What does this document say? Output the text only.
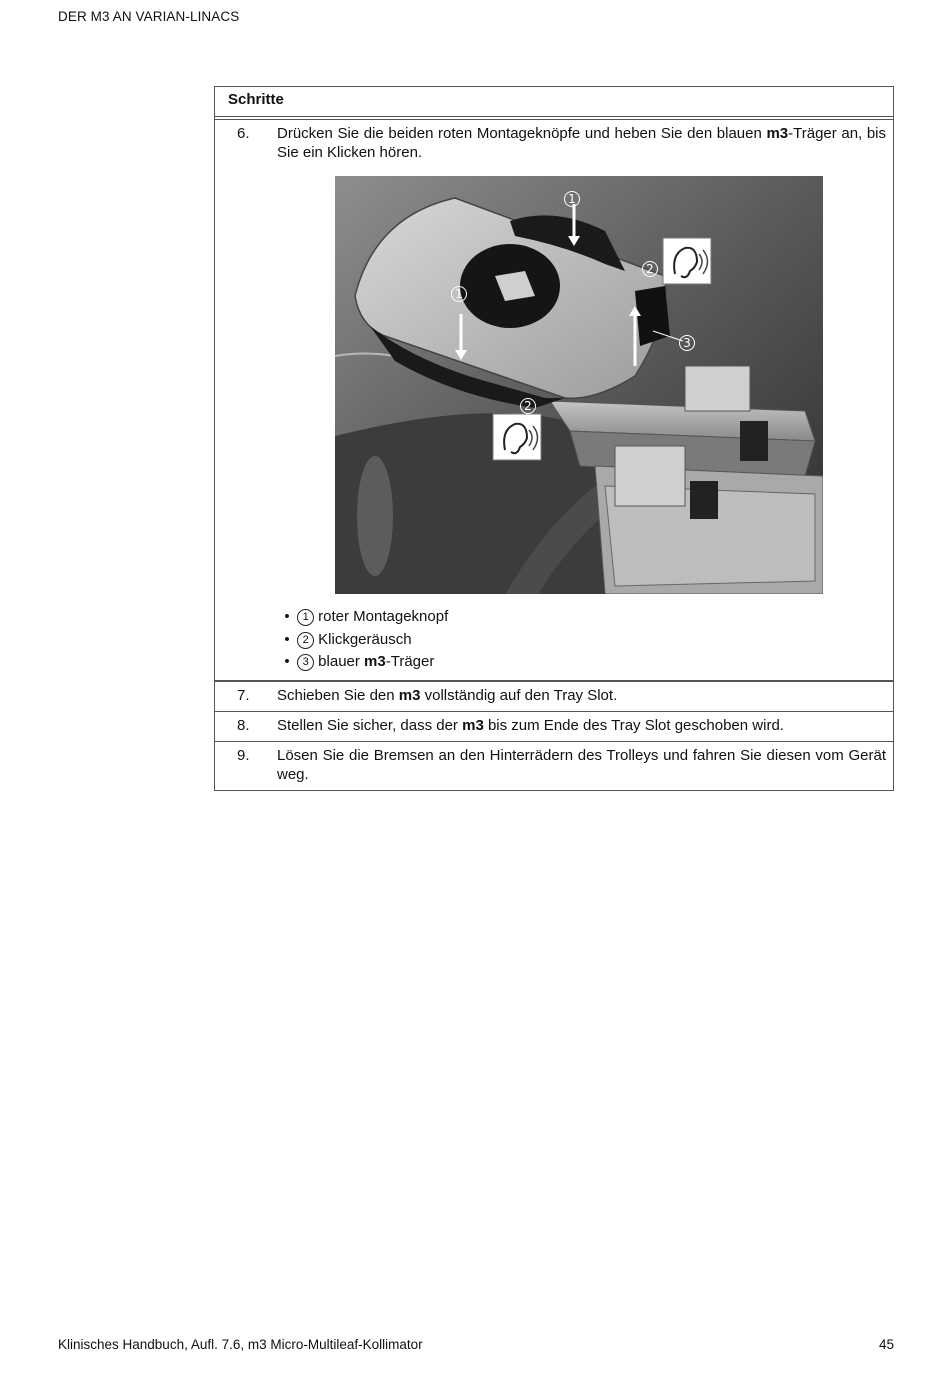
DER M3 AN VARIAN-LINACS
Schritte
6. Drücken Sie die beiden roten Montageknöpfe und heben Sie den blauen m3-Träger an, bis Sie ein Klicken hören.
1
1
2
2
3
• 1 roter Montageknopf
• 2 Klickgeräusch
• 3 blauer m3-Träger
7. Schieben Sie den m3 vollständig auf den Tray Slot.
8. Stellen Sie sicher, dass der m3 bis zum Ende des Tray Slot geschoben wird.
9. Lösen Sie die Bremsen an den Hinterrädern des Trolleys und fahren Sie diesen vom Gerät weg.
Klinisches Handbuch, Aufl. 7.6, m3 Micro-Multileaf-Kollimator	45
